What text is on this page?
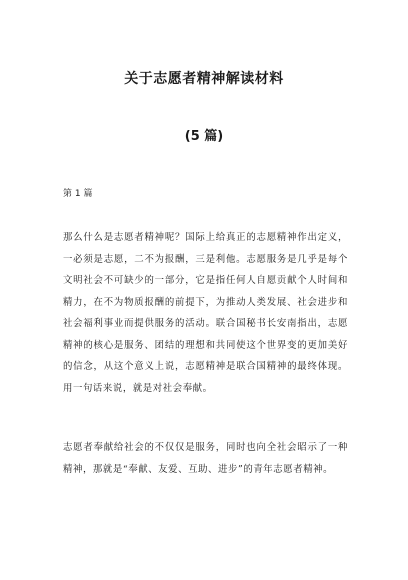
关于志愿者精神解读材料
(5 篇)
第 1 篇

那么什么是志愿者精神呢？国际上给真正的志愿精神作出定义，一必须是志愿，二不为报酬，三是利他。志愿服务是几乎是每个文明社会不可缺少的一部分，它是指任何人自愿贡献个人时间和精力，在不为物质报酬的前提下，为推动人类发展、社会进步和社会福利事业而提供服务的活动。联合国秘书长安南指出，志愿精神的核心是服务、团结的理想和共同使这个世界变的更加美好的信念，从这个意义上说，志愿精神是联合国精神的最终体现。用一句话来说，就是对社会奉献。

志愿者奉献给社会的不仅仅是服务，同时也向全社会昭示了一种精神，那就是“奉献、友爱、互助、进步”的青年志愿者精神。
